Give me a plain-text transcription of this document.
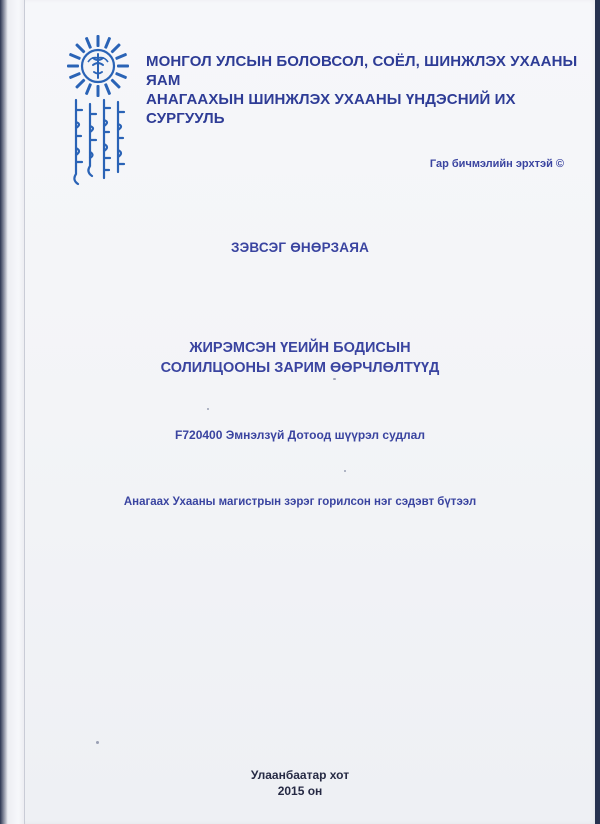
МОНГОЛ УЛСЫН БОЛОВСОЛ, СОЁЛ, ШИНЖЛЭХ УХААНЫ ЯАМ
АНАГААХЫН ШИНЖЛЭХ УХААНЫ ҮНДЭСНИЙ ИХ СУРГУУЛЬ
Гар бичмэлийн эрхтэй ©
ЗЭВСЭГ ӨНӨРЗАЯА
ЖИРЭМСЭН ҮЕИЙН БОДИСЫН
СОЛИЛЦООНЫ ЗАРИМ ӨӨРЧЛӨЛТҮҮД
F720400 Эмнэлзүй Дотоод шүүрэл судлал
Анагаах Ухааны магистрын зэрэг горилсон нэг сэдэвт бүтээл
Улаанбаатар хот
2015 он
